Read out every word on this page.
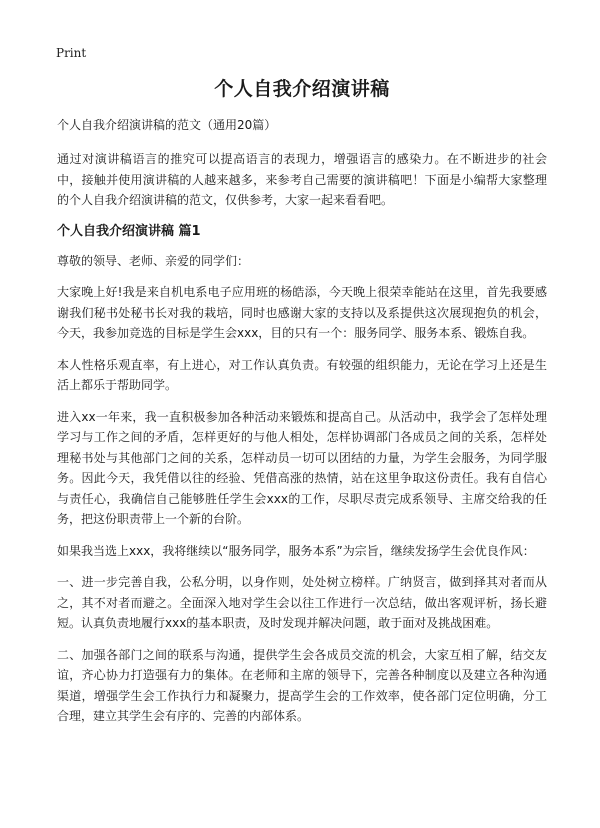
Print
个人自我介绍演讲稿
个人自我介绍演讲稿的范文（通用20篇）

通过对演讲稿语言的推究可以提高语言的表现力，增强语言的感染力。在不断进步的社会中，接触并使用演讲稿的人越来越多，来参考自己需要的演讲稿吧！下面是小编帮大家整理的个人自我介绍演讲稿的范文，仅供参考，大家一起来看看吧。

个人自我介绍演讲稿 篇1

尊敬的领导、老师、亲爱的同学们：

大家晚上好!我是来自机电系电子应用班的杨皓添，今天晚上很荣幸能站在这里，首先我要感谢我们秘书处秘书长对我的栽培，同时也感谢大家的支持以及系提供这次展现抱负的机会，今天，我参加竞选的目标是学生会xxx，目的只有一个：服务同学、服务本系、锻炼自我。

本人性格乐观直率，有上进心，对工作认真负责。有较强的组织能力，无论在学习上还是生活上都乐于帮助同学。

进入xx一年来，我一直积极参加各种活动来锻炼和提高自己。从活动中，我学会了怎样处理学习与工作之间的矛盾，怎样更好的与他人相处，怎样协调部门各成员之间的关系，怎样处理秘书处与其他部门之间的关系，怎样动员一切可以团结的力量，为学生会服务，为同学服务。因此今天，我凭借以往的经验、凭借高涨的热情，站在这里争取这份责任。我有自信心与责任心，我确信自己能够胜任学生会xxx的工作，尽职尽责完成系领导、主席交给我的任务，把这份职责带上一个新的台阶。

如果我当选上xxx，我将继续以“服务同学，服务本系”为宗旨，继续发扬学生会优良作风：

一、进一步完善自我，公私分明，以身作则，处处树立榜样。广纳贤言，做到择其对者而从之，其不对者而避之。全面深入地对学生会以往工作进行一次总结，做出客观评析，扬长避短。认真负责地履行xxx的基本职责，及时发现并解决问题，敢于面对及挑战困难。

二、加强各部门之间的联系与沟通，提供学生会各成员交流的机会，大家互相了解，结交友谊，齐心协力打造强有力的集体。在老师和主席的领导下，完善各种制度以及建立各种沟通渠道，增强学生会工作执行力和凝聚力，提高学生会的工作效率，使各部门定位明确，分工合理，建立其学生会有序的、完善的内部体系。
